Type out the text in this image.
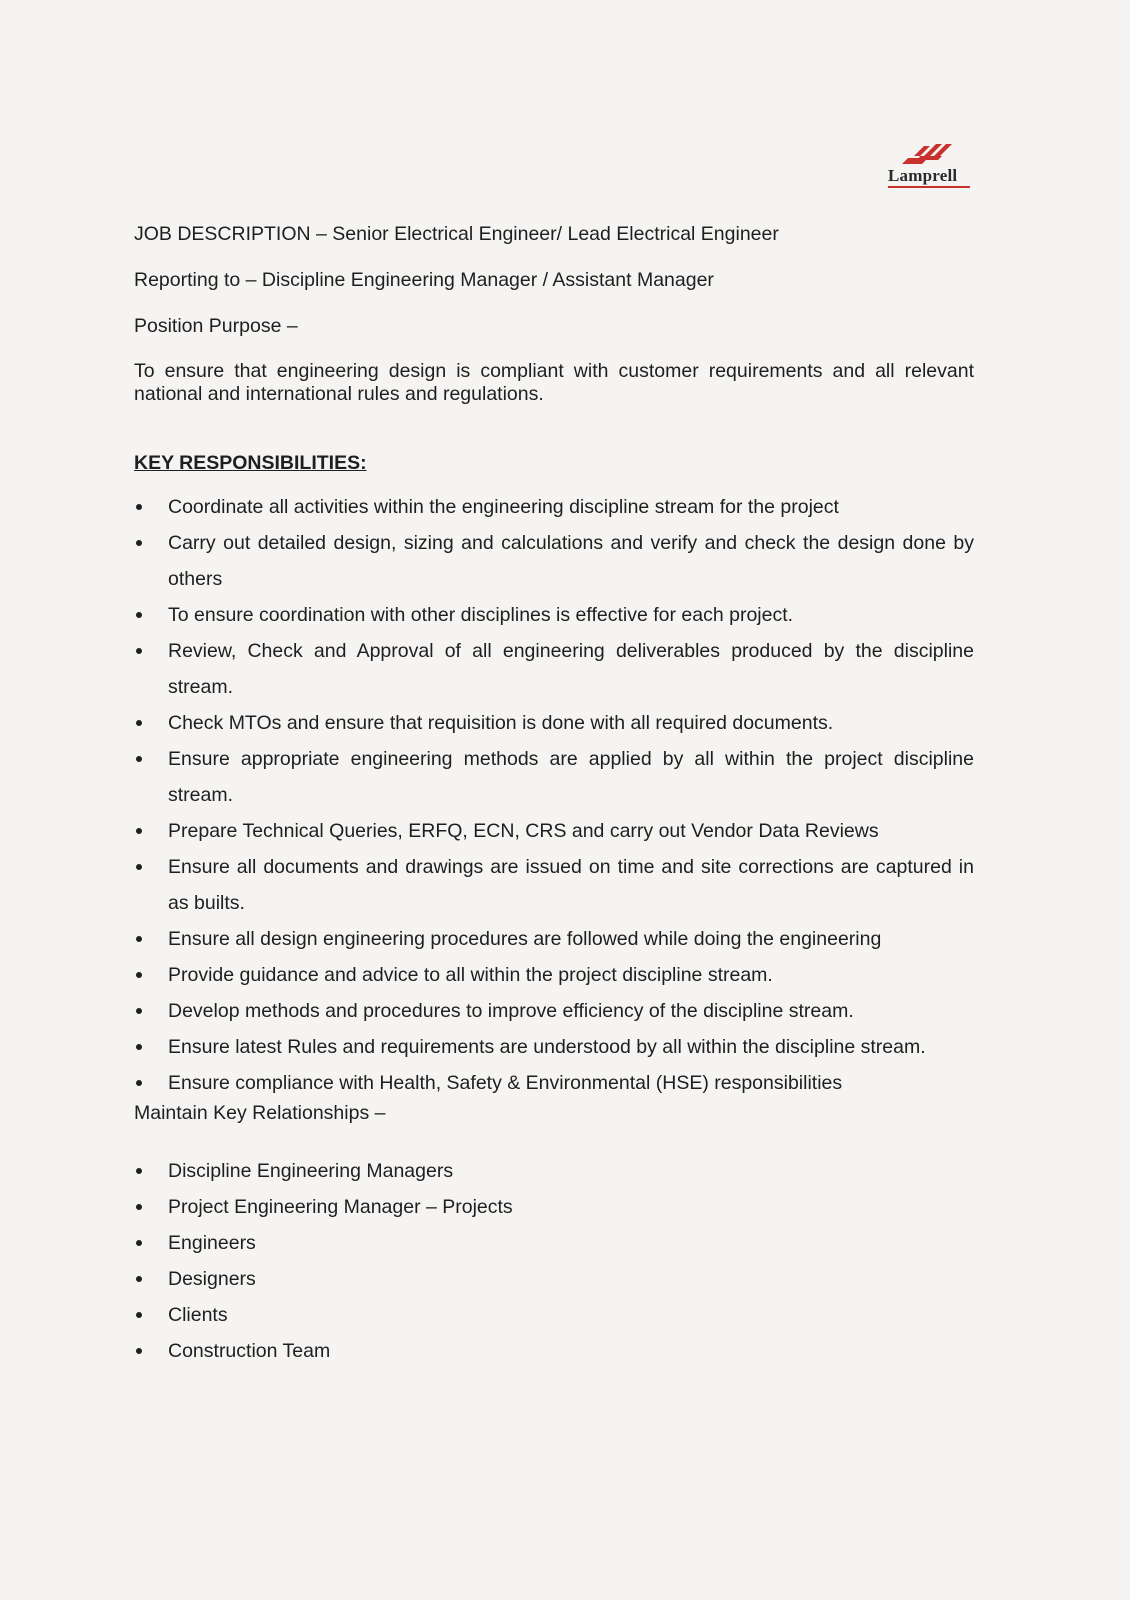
Lamprell

JOB DESCRIPTION – Senior Electrical Engineer/ Lead Electrical Engineer

Reporting to – Discipline Engineering Manager / Assistant Manager

Position Purpose –

To ensure that engineering design is compliant with customer requirements and all relevant national and international rules and regulations.

KEY RESPONSIBILITIES:

Coordinate all activities within the engineering discipline stream for the project
Carry out detailed design, sizing and calculations and verify and check the design done by others
To ensure coordination with other disciplines is effective for each project.
Review, Check and Approval of all engineering deliverables produced by the discipline stream.
Check MTOs and ensure that requisition is done with all required documents.
Ensure appropriate engineering methods are applied by all within the project discipline stream.
Prepare Technical Queries, ERFQ, ECN, CRS and carry out Vendor Data Reviews
Ensure all documents and drawings are issued on time and site corrections are captured in as builts.
Ensure all design engineering procedures are followed while doing the engineering
Provide guidance and advice to all within the project discipline stream.
Develop methods and procedures to improve efficiency of the discipline stream.
Ensure latest Rules and requirements are understood by all within the discipline stream.
Ensure compliance with Health, Safety & Environmental (HSE) responsibilities

Maintain Key Relationships –

Discipline Engineering Managers
Project Engineering Manager – Projects
Engineers
Designers
Clients
Construction Team
